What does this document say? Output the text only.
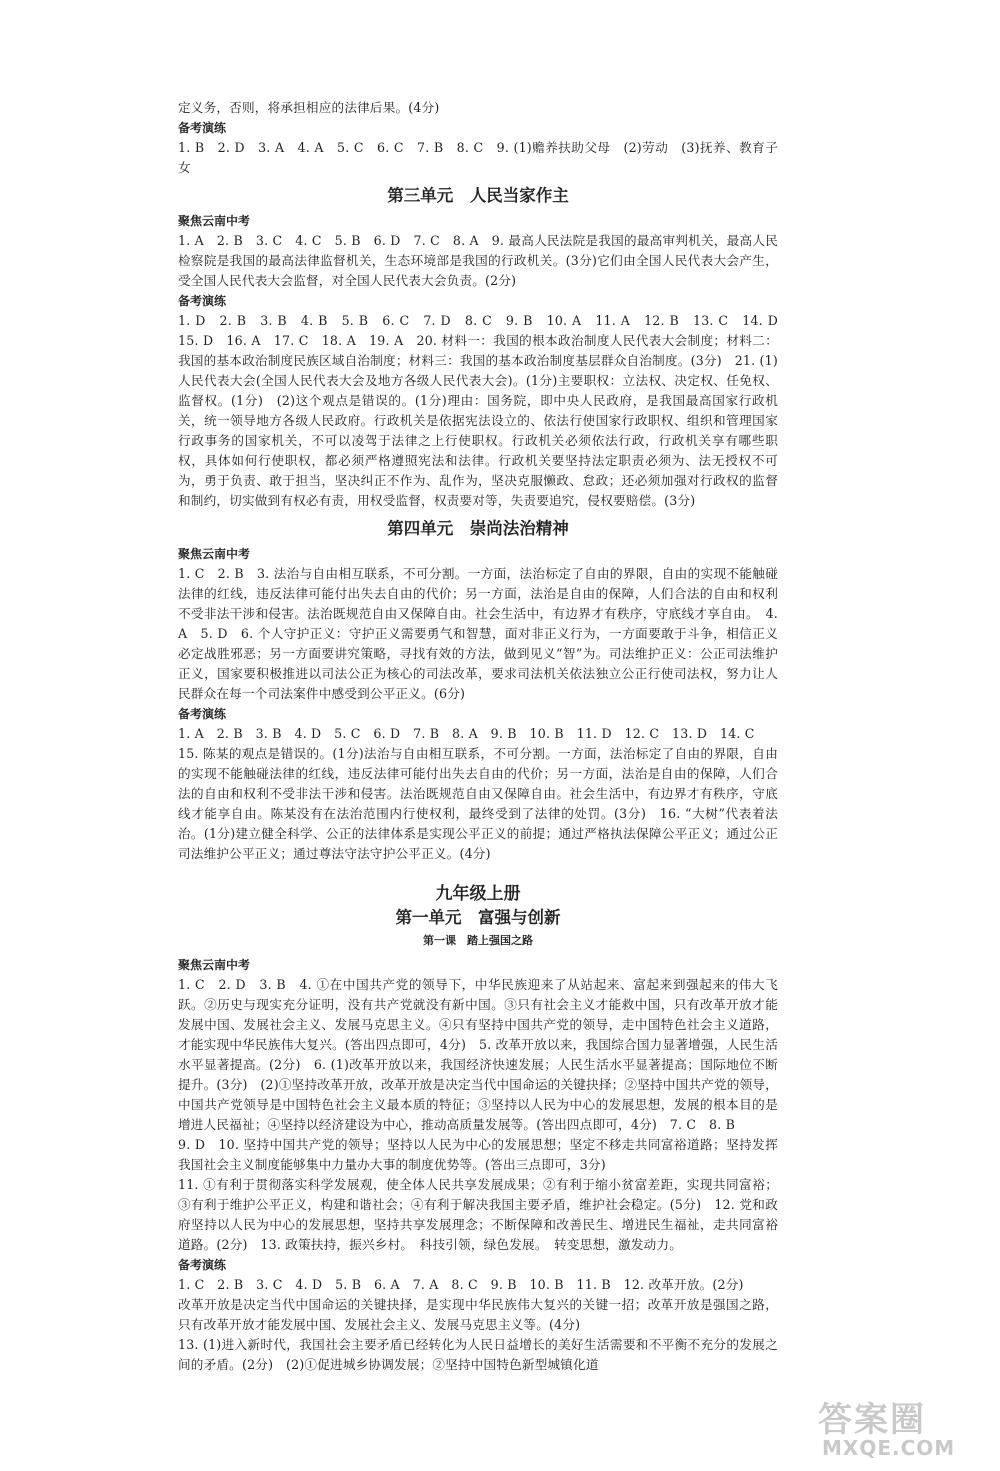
定义务，否则，将承担相应的法律后果。(4分)

备考演练

1. B　2. D　3. A　4. A　5. C　6. C　7. B　8. C　9. (1)赡养扶助父母　(2)劳动　(3)抚养、教育子女

第三单元　人民当家作主

聚焦云南中考

1. A　2. B　3. C　4. C　5. B　6. D　7. C　8. A　9. 最高人民法院是我国的最高审判机关，最高人民检察院是我国的最高法律监督机关，生态环境部是我国的行政机关。(3分)它们由全国人民代表大会产生，受全国人民代表大会监督，对全国人民代表大会负责。(2分)

备考演练

1. D　2. B　3. B　4. B　5. B　6. C　7. D　8. C　9. B　10. A　11. A　12. B　13. C　14. D　15. D　16. A　17. C　18. A　19. A　20. 材料一：我国的根本政治制度人民代表大会制度；材料二：我国的基本政治制度民族区域自治制度；材料三：我国的基本政治制度基层群众自治制度。(3分)　21. (1)人民代表大会(全国人民代表大会及地方各级人民代表大会)。(1分)主要职权：立法权、决定权、任免权、监督权。(1分)　(2)这个观点是错误的。(1分)理由：国务院，即中央人民政府，是我国最高国家行政机关，统一领导地方各级人民政府。行政机关是依据宪法设立的、依法行使国家行政职权、组织和管理国家行政事务的国家机关，不可以凌驾于法律之上行使职权。行政机关必须依法行政，行政机关享有哪些职权，具体如何行使职权，都必须严格遵照宪法和法律。行政机关要坚持法定职责必须为、法无授权不可为，勇于负责、敢于担当，坚决纠正不作为、乱作为，坚决克服懒政、怠政；还必须加强对行政权的监督和制约，切实做到有权必有责，用权受监督，权责要对等，失责要追究，侵权要赔偿。(3分)

第四单元　崇尚法治精神

聚焦云南中考

1. C　2. B　3. 法治与自由相互联系，不可分割。一方面，法治标定了自由的界限，自由的实现不能触碰法律的红线，违反法律可能付出失去自由的代价；另一方面，法治是自由的保障，人们合法的自由和权利不受非法干涉和侵害。法治既规范自由又保障自由。社会生活中，有边界才有秩序，守底线才享自由。　4. A　5. D　6. 个人守护正义：守护正义需要勇气和智慧，面对非正义行为，一方面要敢于斗争，相信正义必定战胜邪恶；另一方面要讲究策略，寻找有效的方法，做到见义“智”为。司法维护正义：公正司法维护正义，国家要积极推进以司法公正为核心的司法改革，要求司法机关依法独立公正行使司法权，努力让人民群众在每一个司法案件中感受到公平正义。(6分)

备考演练

1. A　2. B　3. B　4. D　5. C　6. D　7. B　8. A　9. B　10. B　11. D　12. C　13. D　14. C

15. 陈某的观点是错误的。(1分)法治与自由相互联系，不可分割。一方面，法治标定了自由的界限，自由的实现不能触碰法律的红线，违反法律可能付出失去自由的代价；另一方面，法治是自由的保障，人们合法的自由和权利不受非法干涉和侵害。法治既规范自由又保障自由。社会生活中，有边界才有秩序，守底线才能享自由。陈某没有在法治范围内行使权利，最终受到了法律的处罚。(3分)　16. “大树”代表着法治。(1分)建立健全科学、公正的法律体系是实现公平正义的前提；通过严格执法保障公平正义；通过公正司法维护公平正义；通过尊法守法守护公平正义。(4分)

九年级上册
第一单元　富强与创新
第一课　踏上强国之路

聚焦云南中考

1. C　2. D　3. B　4. ①在中国共产党的领导下，中华民族迎来了从站起来、富起来到强起来的伟大飞跃。②历史与现实充分证明，没有共产党就没有新中国。③只有社会主义才能救中国，只有改革开放才能发展中国、发展社会主义、发展马克思主义。④只有坚持中国共产党的领导，走中国特色社会主义道路，才能实现中华民族伟大复兴。(答出四点即可，4分)　5. 改革开放以来，我国综合国力显著增强，人民生活水平显著提高。(2分)　6. (1)改革开放以来，我国经济快速发展；人民生活水平显著提高；国际地位不断提升。(3分)　(2)①坚持改革开放，改革开放是决定当代中国命运的关键抉择；②坚持中国共产党的领导，中国共产党领导是中国特色社会主义最本质的特征；③坚持以人民为中心的发展思想，发展的根本目的是增进人民福祉；④坚持以经济建设为中心，推动高质量发展等。(答出四点即可，4分)　7. C　8. B

9. D　10. 坚持中国共产党的领导；坚持以人民为中心的发展思想；坚定不移走共同富裕道路；坚持发挥我国社会主义制度能够集中力量办大事的制度优势等。(答出三点即可，3分)

11. ①有利于贯彻落实科学发展观，使全体人民共享发展成果；②有利于缩小贫富差距，实现共同富裕；③有利于维护公平正义，构建和谐社会；④有利于解决我国主要矛盾，维护社会稳定。(5分)　12. 党和政府坚持以人民为中心的发展思想，坚持共享发展理念；不断保障和改善民生、增进民生福祉，走共同富裕道路。(2分)　13. 政策扶持，振兴乡村。　科技引领，绿色发展。　转变思想，激发动力。

备考演练

1. C　2. B　3. C　4. D　5. B　6. A　7. A　8. C　9. B　10. B　11. B　12. 改革开放。(2分)

改革开放是决定当代中国命运的关键抉择，是实现中华民族伟大复兴的关键一招；改革开放是强国之路，只有改革开放才能发展中国、发展社会主义、发展马克思主义等。(4分)

13. (1)进入新时代，我国社会主要矛盾已经转化为人民日益增长的美好生活需要和不平衡不充分的发展之间的矛盾。(2分)　(2)①促进城乡协调发展；②坚持中国特色新型城镇化道

答案圈
MXQE.COM
